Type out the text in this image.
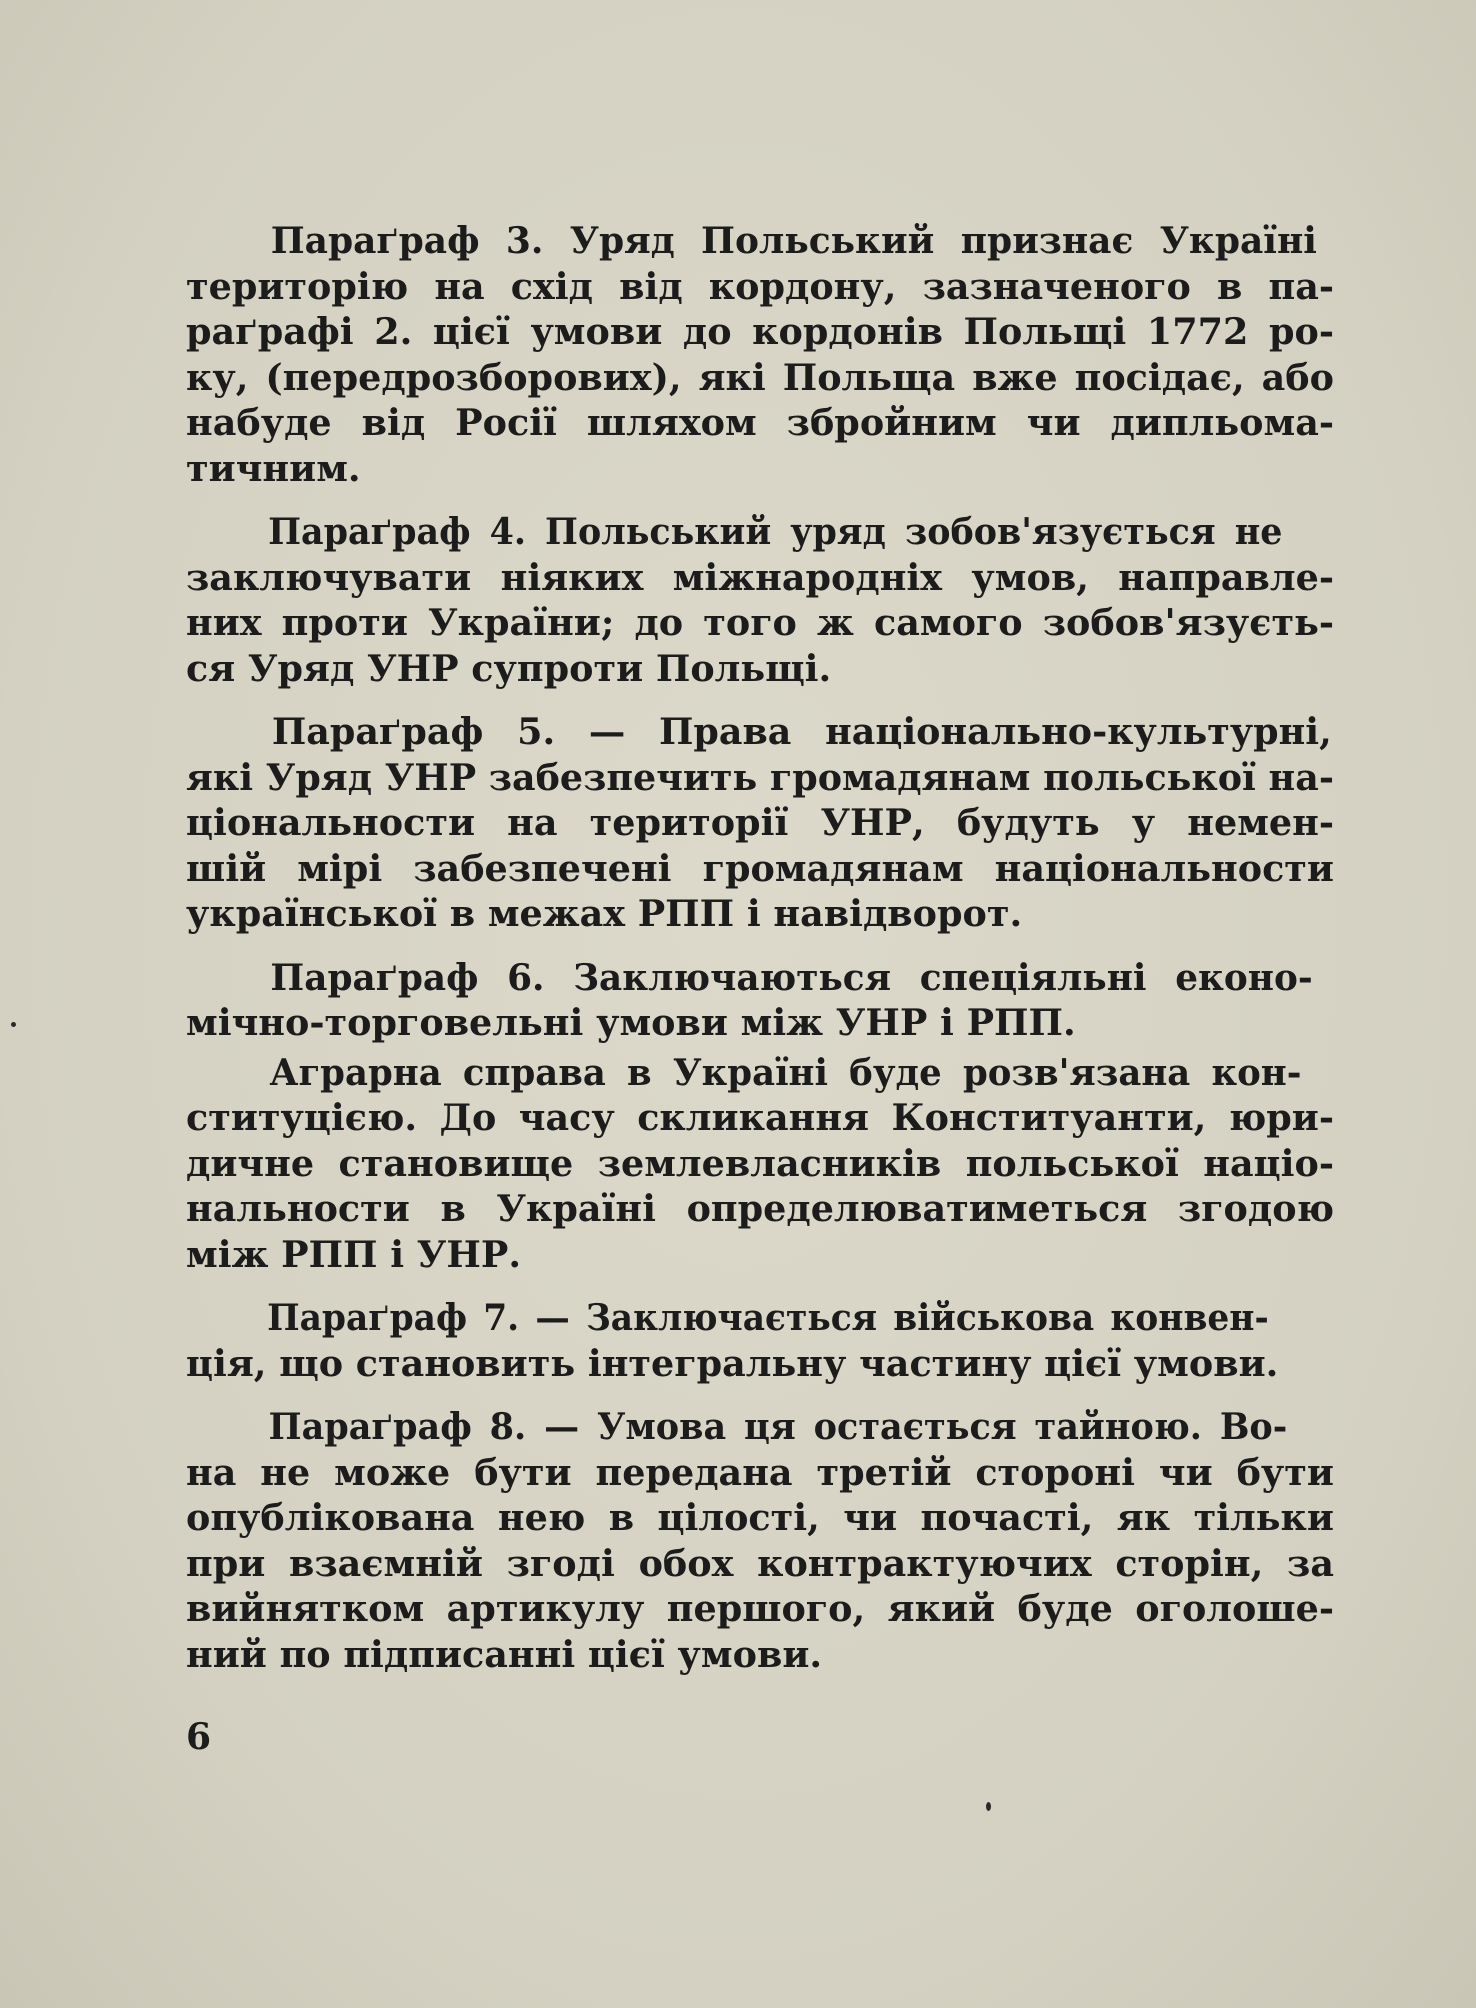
Параґраф 3. Уряд Польський признає Україні
територію на схід від кордону, зазначеного в па-
раґрафі 2. цієї умови до кордонів Польщі 1772 ро-
ку, (передрозборових), які Польща вже посідає, або
набуде від Росії шляхом збройним чи дипльома-
тичним.
Параґраф 4. Польський уряд зобов'язується не
заключувати ніяких міжнародніх умов, направле-
них проти України; до того ж самого зобов'язуєть-
ся Уряд УНР супроти Польщі.
Параґраф 5. — Права національно-культурні,
які Уряд УНР забезпечить громадянам польської на-
ціональности на території УНР, будуть у немен-
шій мірі забезпечені громадянам національности
української в межах РПП і навідворот.
Параґраф 6. Заключаються спеціяльні еконо-
мічно-торговельні умови між УНР і РПП.
Аграрна справа в Україні буде розв'язана кон-
ституцією. До часу скликання Конституанти, юри-
дичне становище землевласників польської націо-
нальности в Україні определюватиметься згодою
між РПП і УНР.
Параґраф 7. — Заключається військова конвен-
ція, що становить інтегральну частину цієї умови.
Параґраф 8. — Умова ця остається тайною. Во-
на не може бути передана третій стороні чи бути
опублікована нею в цілості, чи почасті, як тільки
при взаємній згоді обох контрактуючих сторін, за
вийнятком артикулу першого, який буде оголоше-
ний по підписанні цієї умови.
6
